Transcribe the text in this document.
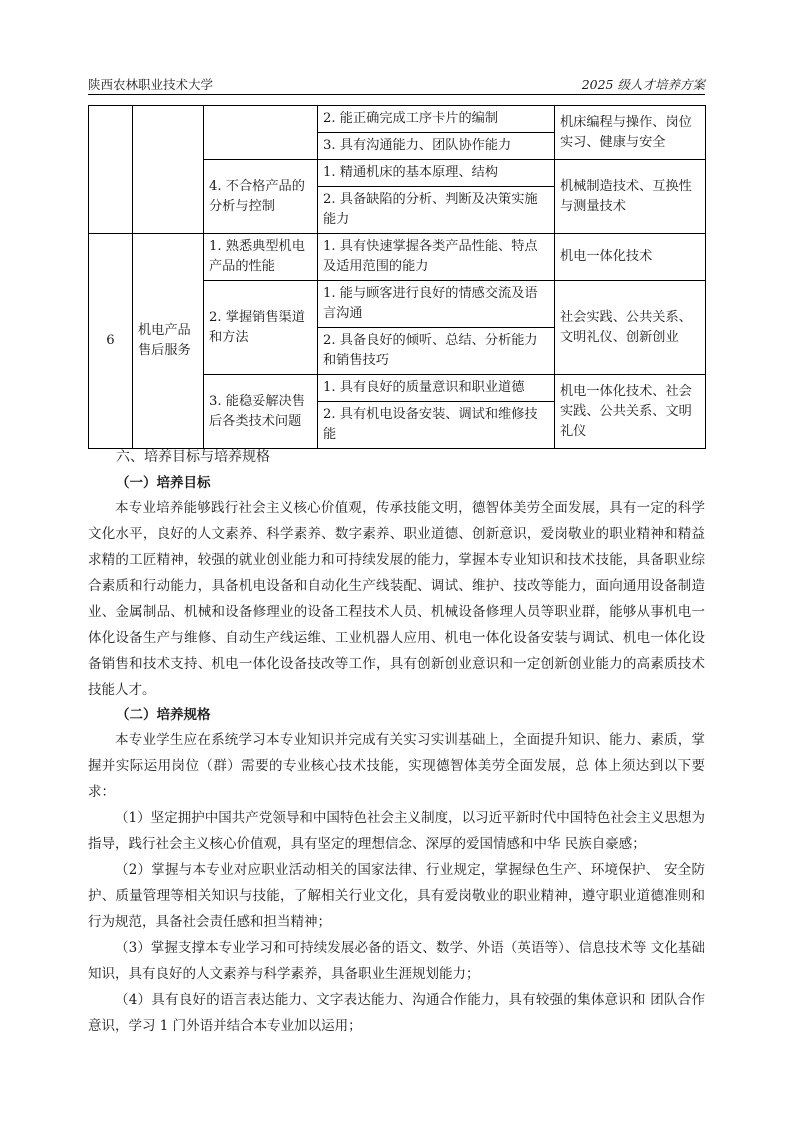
陕西农林职业技术大学	2025 级人才培养方案
			2. 能正确完成工序卡片的编制	机床编程与操作、岗位实习、健康与安全
			3. 具有沟通能力、团队协作能力	
		4. 不合格产品的分析与控制	1. 精通机床的基本原理、结构	机械制造技术、互换性与测量技术
			2. 具备缺陷的分析、判断及决策实施能力	
6	机电产品售后服务	1. 熟悉典型机电产品的性能	1. 具有快速掌握各类产品性能、特点及适用范围的能力	机电一体化技术
		2. 掌握销售渠道和方法	1. 能与顾客进行良好的情感交流及语言沟通	社会实践、公共关系、文明礼仪、创新创业
			2. 具备良好的倾听、总结、分析能力和销售技巧	
		3. 能稳妥解决售后各类技术问题	1. 具有良好的质量意识和职业道德	机电一体化技术、社会实践、公共关系、文明礼仪
			2. 具有机电设备安装、调试和维修技能	
六、培养目标与培养规格
（一）培养目标

本专业培养能够践行社会主义核心价值观，传承技能文明，德智体美劳全面发展，具有一定的科学文化水平，良好的人文素养、科学素养、数字素养、职业道德、创新意识，爱岗敬业的职业精神和精益求精的工匠精神，较强的就业创业能力和可持续发展的能力，掌握本专业知识和技术技能，具备职业综合素质和行动能力，具备机电设备和自动化生产线装配、调试、维护、技改等能力，面向通用设备制造业、金属制品、机械和设备修理业的设备工程技术人员、机械设备修理人员等职业群，能够从事机电一体化设备生产与维修、自动生产线运维、工业机器人应用、机电一体化设备安装与调试、机电一体化设备销售和技术支持、机电一体化设备技改等工作，具有创新创业意识和一定创新创业能力的高素质技术技能人才。

（二）培养规格

本专业学生应在系统学习本专业知识并完成有关实习实训基础上，全面提升知识、能力、素质，掌握并实际运用岗位（群）需要的专业核心技术技能，实现德智体美劳全面发展，总 体上须达到以下要求：

（1）坚定拥护中国共产党领导和中国特色社会主义制度，以习近平新时代中国特色社会主义思想为指导，践行社会主义核心价值观，具有坚定的理想信念、深厚的爱国情感和中华 民族自豪感；

（2）掌握与本专业对应职业活动相关的国家法律、行业规定，掌握绿色生产、环境保护、 安全防护、质量管理等相关知识与技能，了解相关行业文化，具有爱岗敬业的职业精神，遵守职业道德准则和行为规范，具备社会责任感和担当精神；

（3）掌握支撑本专业学习和可持续发展必备的语文、数学、外语（英语等）、信息技术等 文化基础知识，具有良好的人文素养与科学素养，具备职业生涯规划能力；

（4）具有良好的语言表达能力、文字表达能力、沟通合作能力，具有较强的集体意识和 团队合作意识，学习 1 门外语并结合本专业加以运用；
